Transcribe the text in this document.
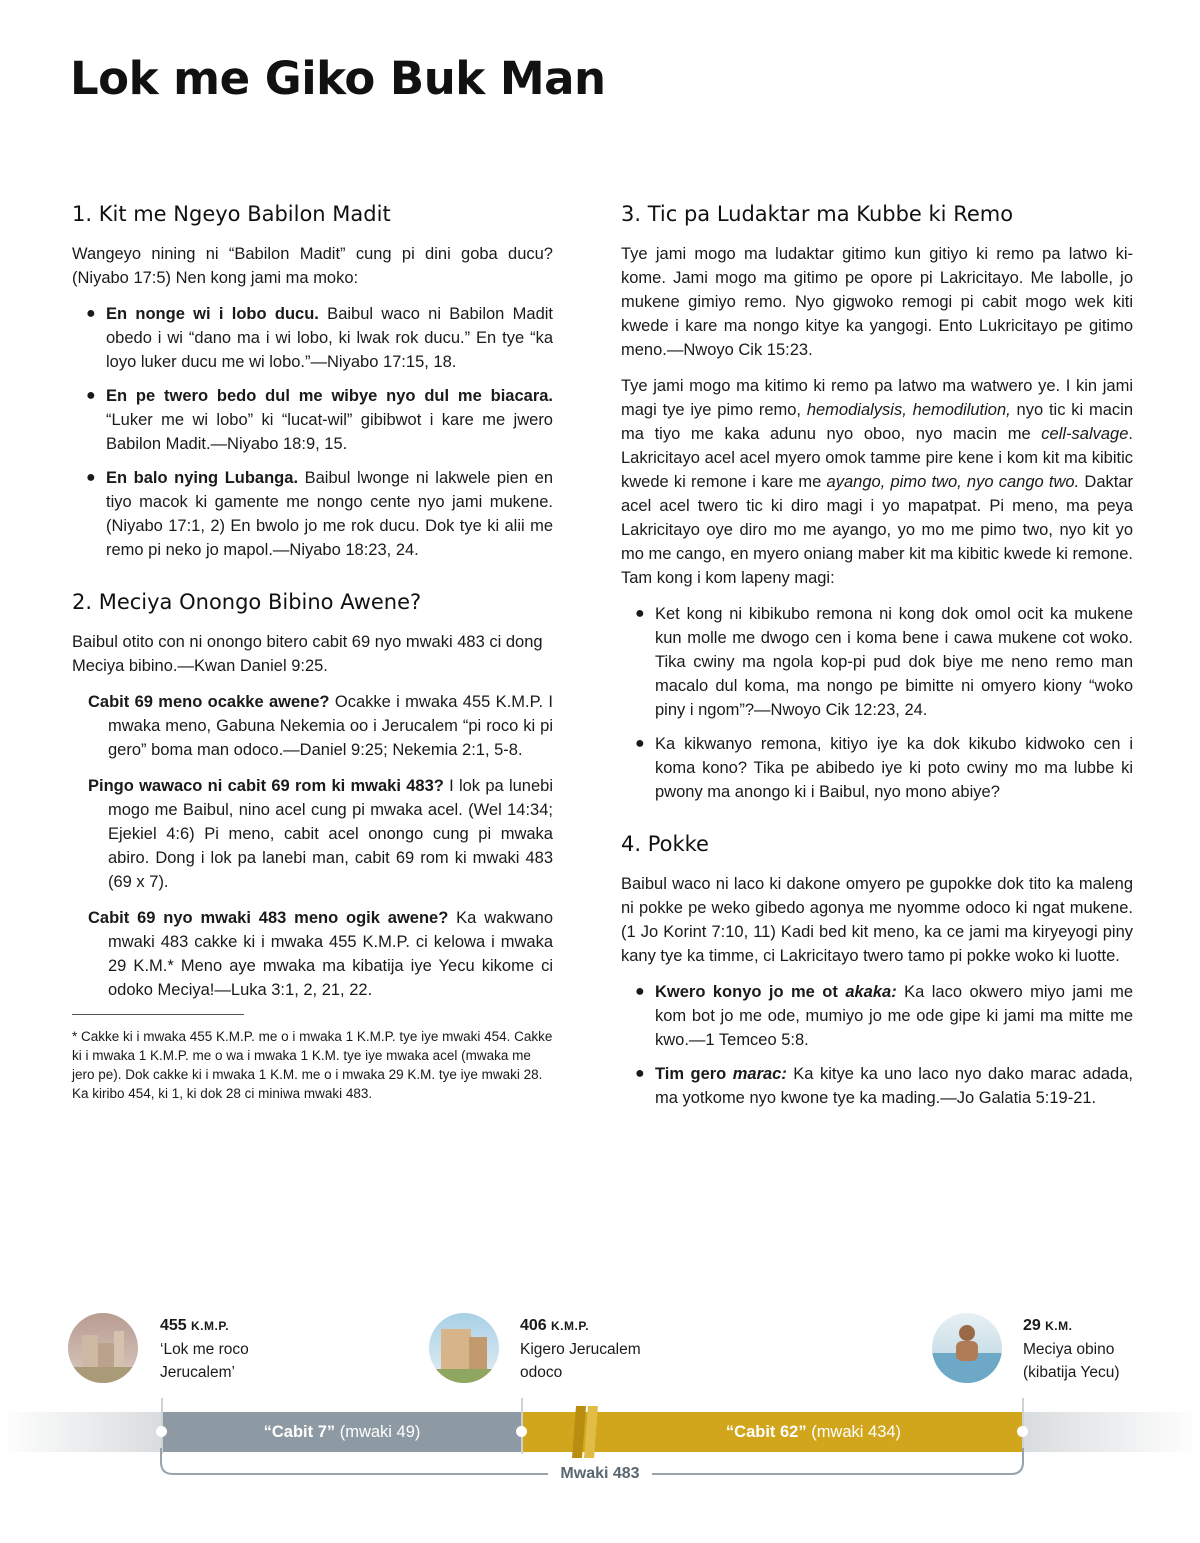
Lok me Giko Buk Man
1. Kit me Ngeyo Babilon Madit

Wangeyo nining ni “Babilon Madit” cung pi dini goba ducu? (Niyabo 17:5) Nen kong jami ma moko:

● En nonge wi i lobo ducu. Baibul waco ni Babilon Madit obedo i wi “dano ma i wi lobo, ki lwak rok ducu.” En tye “ka loyo luker ducu me wi lobo.”—Niyabo 17:15, 18.
● En pe twero bedo dul me wibye nyo dul me biacara. “Luker me wi lobo” ki “lucat-wil” gibibwot i kare me jwero Babilon Madit.—Niyabo 18:9, 15.
● En balo nying Lubanga. Baibul lwonge ni lakwele pien en tiyo macok ki gamente me nongo cente nyo jami mukene. (Niyabo 17:1, 2) En bwolo jo me rok ducu. Dok tye ki alii me remo pi neko jo mapol.—Niyabo 18:23, 24.
2. Meciya Onongo Bibino Awene?

Baibul otito con ni onongo bitero cabit 69 nyo mwaki 483 ci dong Meciya bibino.—Kwan Daniel 9:25.

Cabit 69 meno ocakke awene? Ocakke i mwaka 455 K.M.P. I mwaka meno, Gabuna Nekemia oo i Jerucalem “pi roco ki pi gero” boma man odoco.—Daniel 9:25; Nekemia 2:1, 5-8.
Pingo wawaco ni cabit 69 rom ki mwaki 483? I lok pa lunebi mogo me Baibul, nino acel cung pi mwaka acel. (Wel 14:34; Ejekiel 4:6) Pi meno, cabit acel onongo cung pi mwaka abiro. Dong i lok pa lanebi man, cabit 69 rom ki mwaki 483 (69 x 7).
Cabit 69 nyo mwaki 483 meno ogik awene? Ka wakwano mwaki 483 cakke ki i mwaka 455 K.M.P. ci kelowa i mwaka 29 K.M.* Meno aye mwaka ma kibatija iye Yecu kikome ci odoko Meciya!—Luka 3:1, 2, 21, 22.

* Cakke ki i mwaka 455 K.M.P. me o i mwaka 1 K.M.P. tye iye mwaki 454. Cakke ki i mwaka 1 K.M.P. me o wa i mwaka 1 K.M. tye iye mwaka acel (mwaka me jero pe). Dok cakke ki i mwaka 1 K.M. me o i mwaka 29 K.M. tye iye mwaki 28. Ka kiribo 454, ki 1, ki dok 28 ci miniwa mwaki 483.

3. Tic pa Ludaktar ma Kubbe ki Remo

Tye jami mogo ma ludaktar gitimo kun gitiyo ki remo pa latwo ki-kome. Jami mogo ma gitimo pe opore pi Lakricitayo. Me labolle, jo mukene gimiyo remo. Nyo gigwoko remogi pi cabit mogo wek kiti kwede i kare ma nongo kitye ka yangogi. Ento Lukricitayo pe gitimo meno.—Nwoyo Cik 15:23.

Tye jami mogo ma kitimo ki remo pa latwo ma watwero ye. I kin jami magi tye iye pimo remo, hemodialysis, hemodilution, nyo tic ki macin ma tiyo me kaka adunu nyo oboo, nyo macin me cell-salvage. Lakricitayo acel acel myero omok tamme pire kene i kom kit ma kibitic kwede ki remone i kare me ayango, pimo two, nyo cango two. Daktar acel acel twero tic ki diro magi i yo mapatpat. Pi meno, ma peya Lakricitayo oye diro mo me ayango, yo mo me pimo two, nyo kit yo mo me cango, en myero oniang maber kit ma kibitic kwede ki remone. Tam kong i kom lapeny magi:

● Ket kong ni kibikubo remona ni kong dok omol ocit ka mukene kun molle me dwogo cen i koma bene i cawa mukene cot woko. Tika cwiny ma ngola kop-pi pud dok biye me neno remo man macalo dul koma, ma nongo pe bimitte ni omyero kiony “woko piny i ngom”?—Nwoyo Cik 12:23, 24.
● Ka kikwanyo remona, kitiyo iye ka dok kikubo kidwoko cen i koma kono? Tika pe abibedo iye ki poto cwiny mo ma lubbe ki pwony ma anongo ki i Baibul, nyo mono abiye?
4. Pokke

Baibul waco ni laco ki dakone omyero pe gupokke dok tito ka maleng ni pokke pe weko gibedo agonya me nyomme odoco ki ngat mukene. (1 Jo Korint 7:10, 11) Kadi bed kit meno, ka ce jami ma kiryeyogi piny kany tye ka timme, ci Lakricitayo twero tamo pi pokke woko ki luotte.

● Kwero konyo jo me ot akaka: Ka laco okwero miyo jami me kom bot jo me ode, mumiyo jo me ode gipe ki jami ma mitte me kwo.—1 Temceo 5:8.
● Tim gero marac: Ka kitye ka uno laco nyo dako marac adada, ma yotkome nyo kwone tye ka mading.—Jo Galatia 5:19-21.
455 K.M.P.
‘Lok me roco
Jerucalem’
406 K.M.P.
Kigero Jerucalem
odoco
29 K.M.
Meciya obino
(kibatija Yecu)
“Cabit 7” (mwaki 49)	“Cabit 62” (mwaki 434)
Mwaki 483
